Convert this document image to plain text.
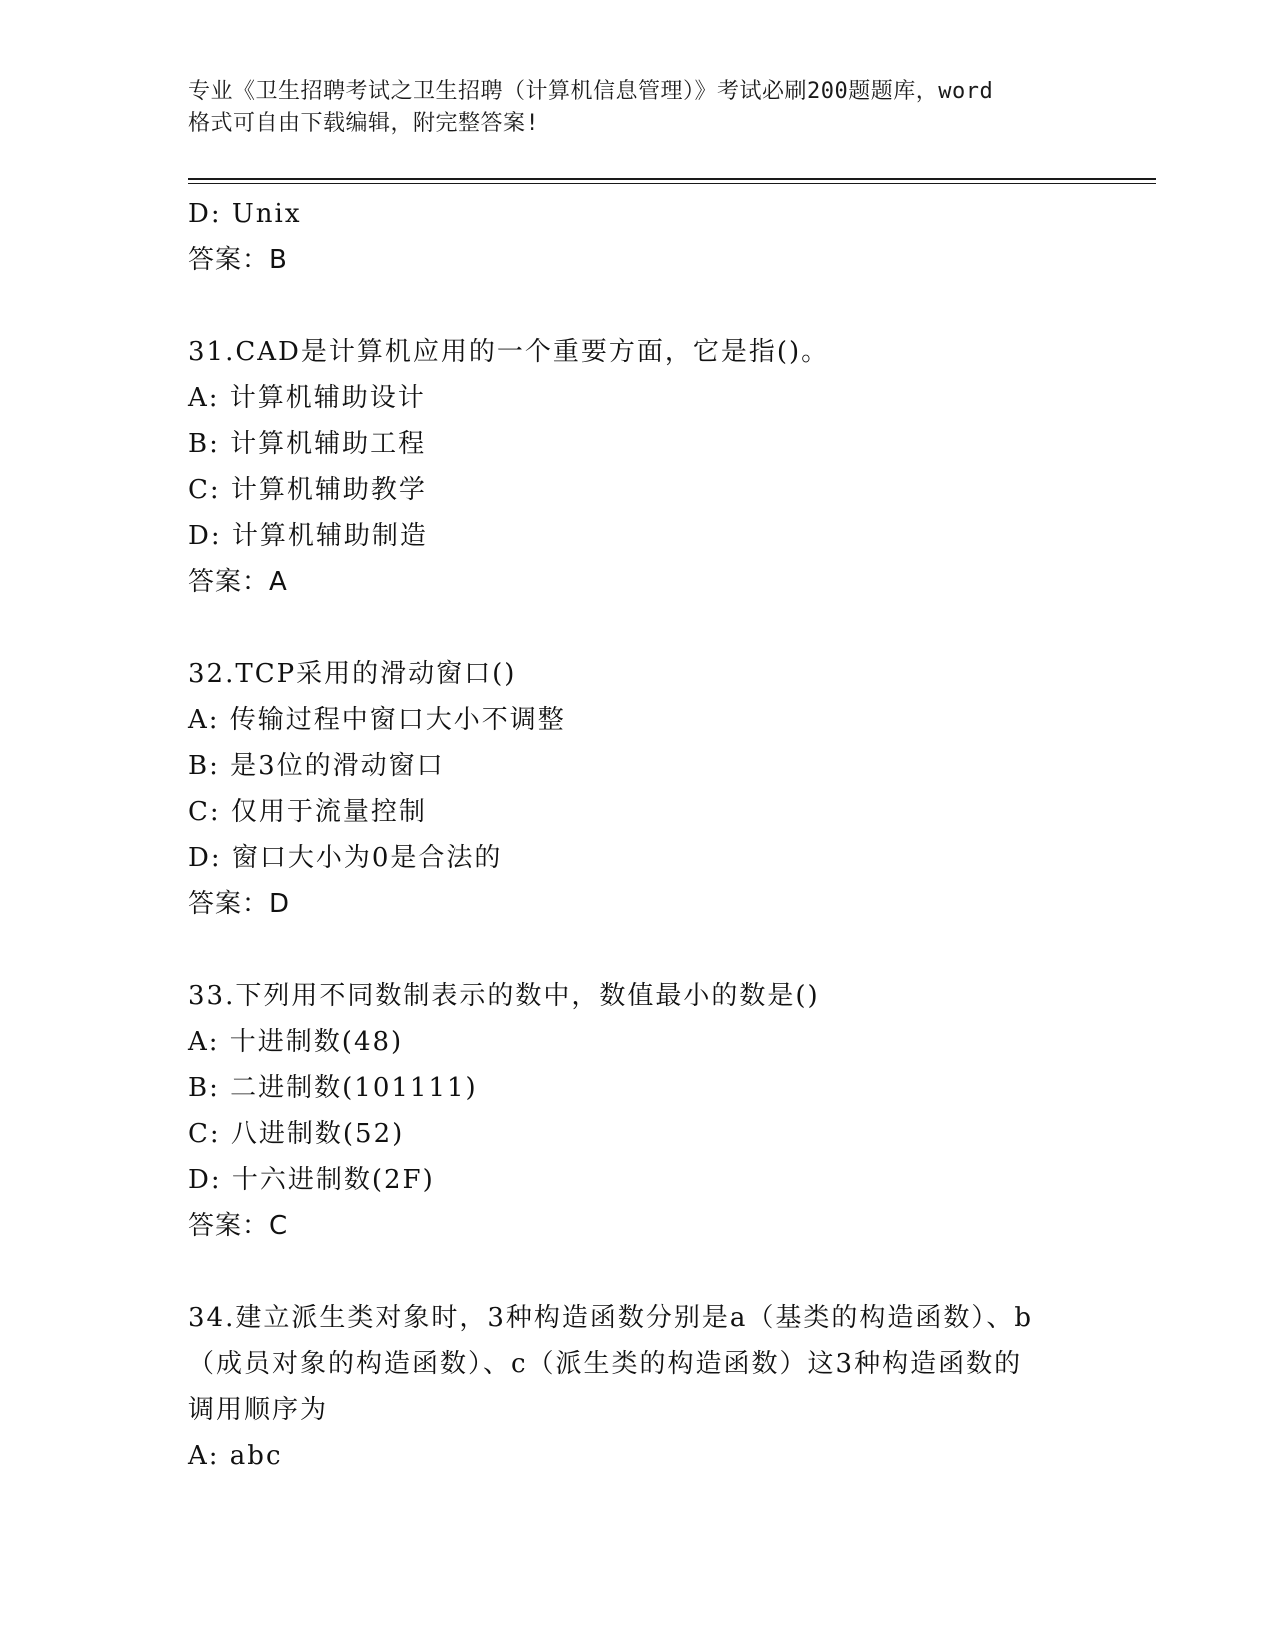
专业《卫生招聘考试之卫生招聘（计算机信息管理）》考试必刷200题题库，word
格式可自由下载编辑，附完整答案!
D: Unix
答案：B
31.CAD是计算机应用的一个重要方面，它是指()。
A: 计算机辅助设计
B: 计算机辅助工程
C: 计算机辅助教学
D: 计算机辅助制造
答案：A
32.TCP采用的滑动窗口()
A: 传输过程中窗口大小不调整
B: 是3位的滑动窗口
C: 仅用于流量控制
D: 窗口大小为0是合法的
答案：D
33.下列用不同数制表示的数中，数值最小的数是()
A: 十进制数(48)
B: 二进制数(101111)
C: 八进制数(52)
D: 十六进制数(2F)
答案：C
34.建立派生类对象时，3种构造函数分别是a（基类的构造函数）、b
（成员对象的构造函数）、c（派生类的构造函数）这3种构造函数的
调用顺序为
A: abc
